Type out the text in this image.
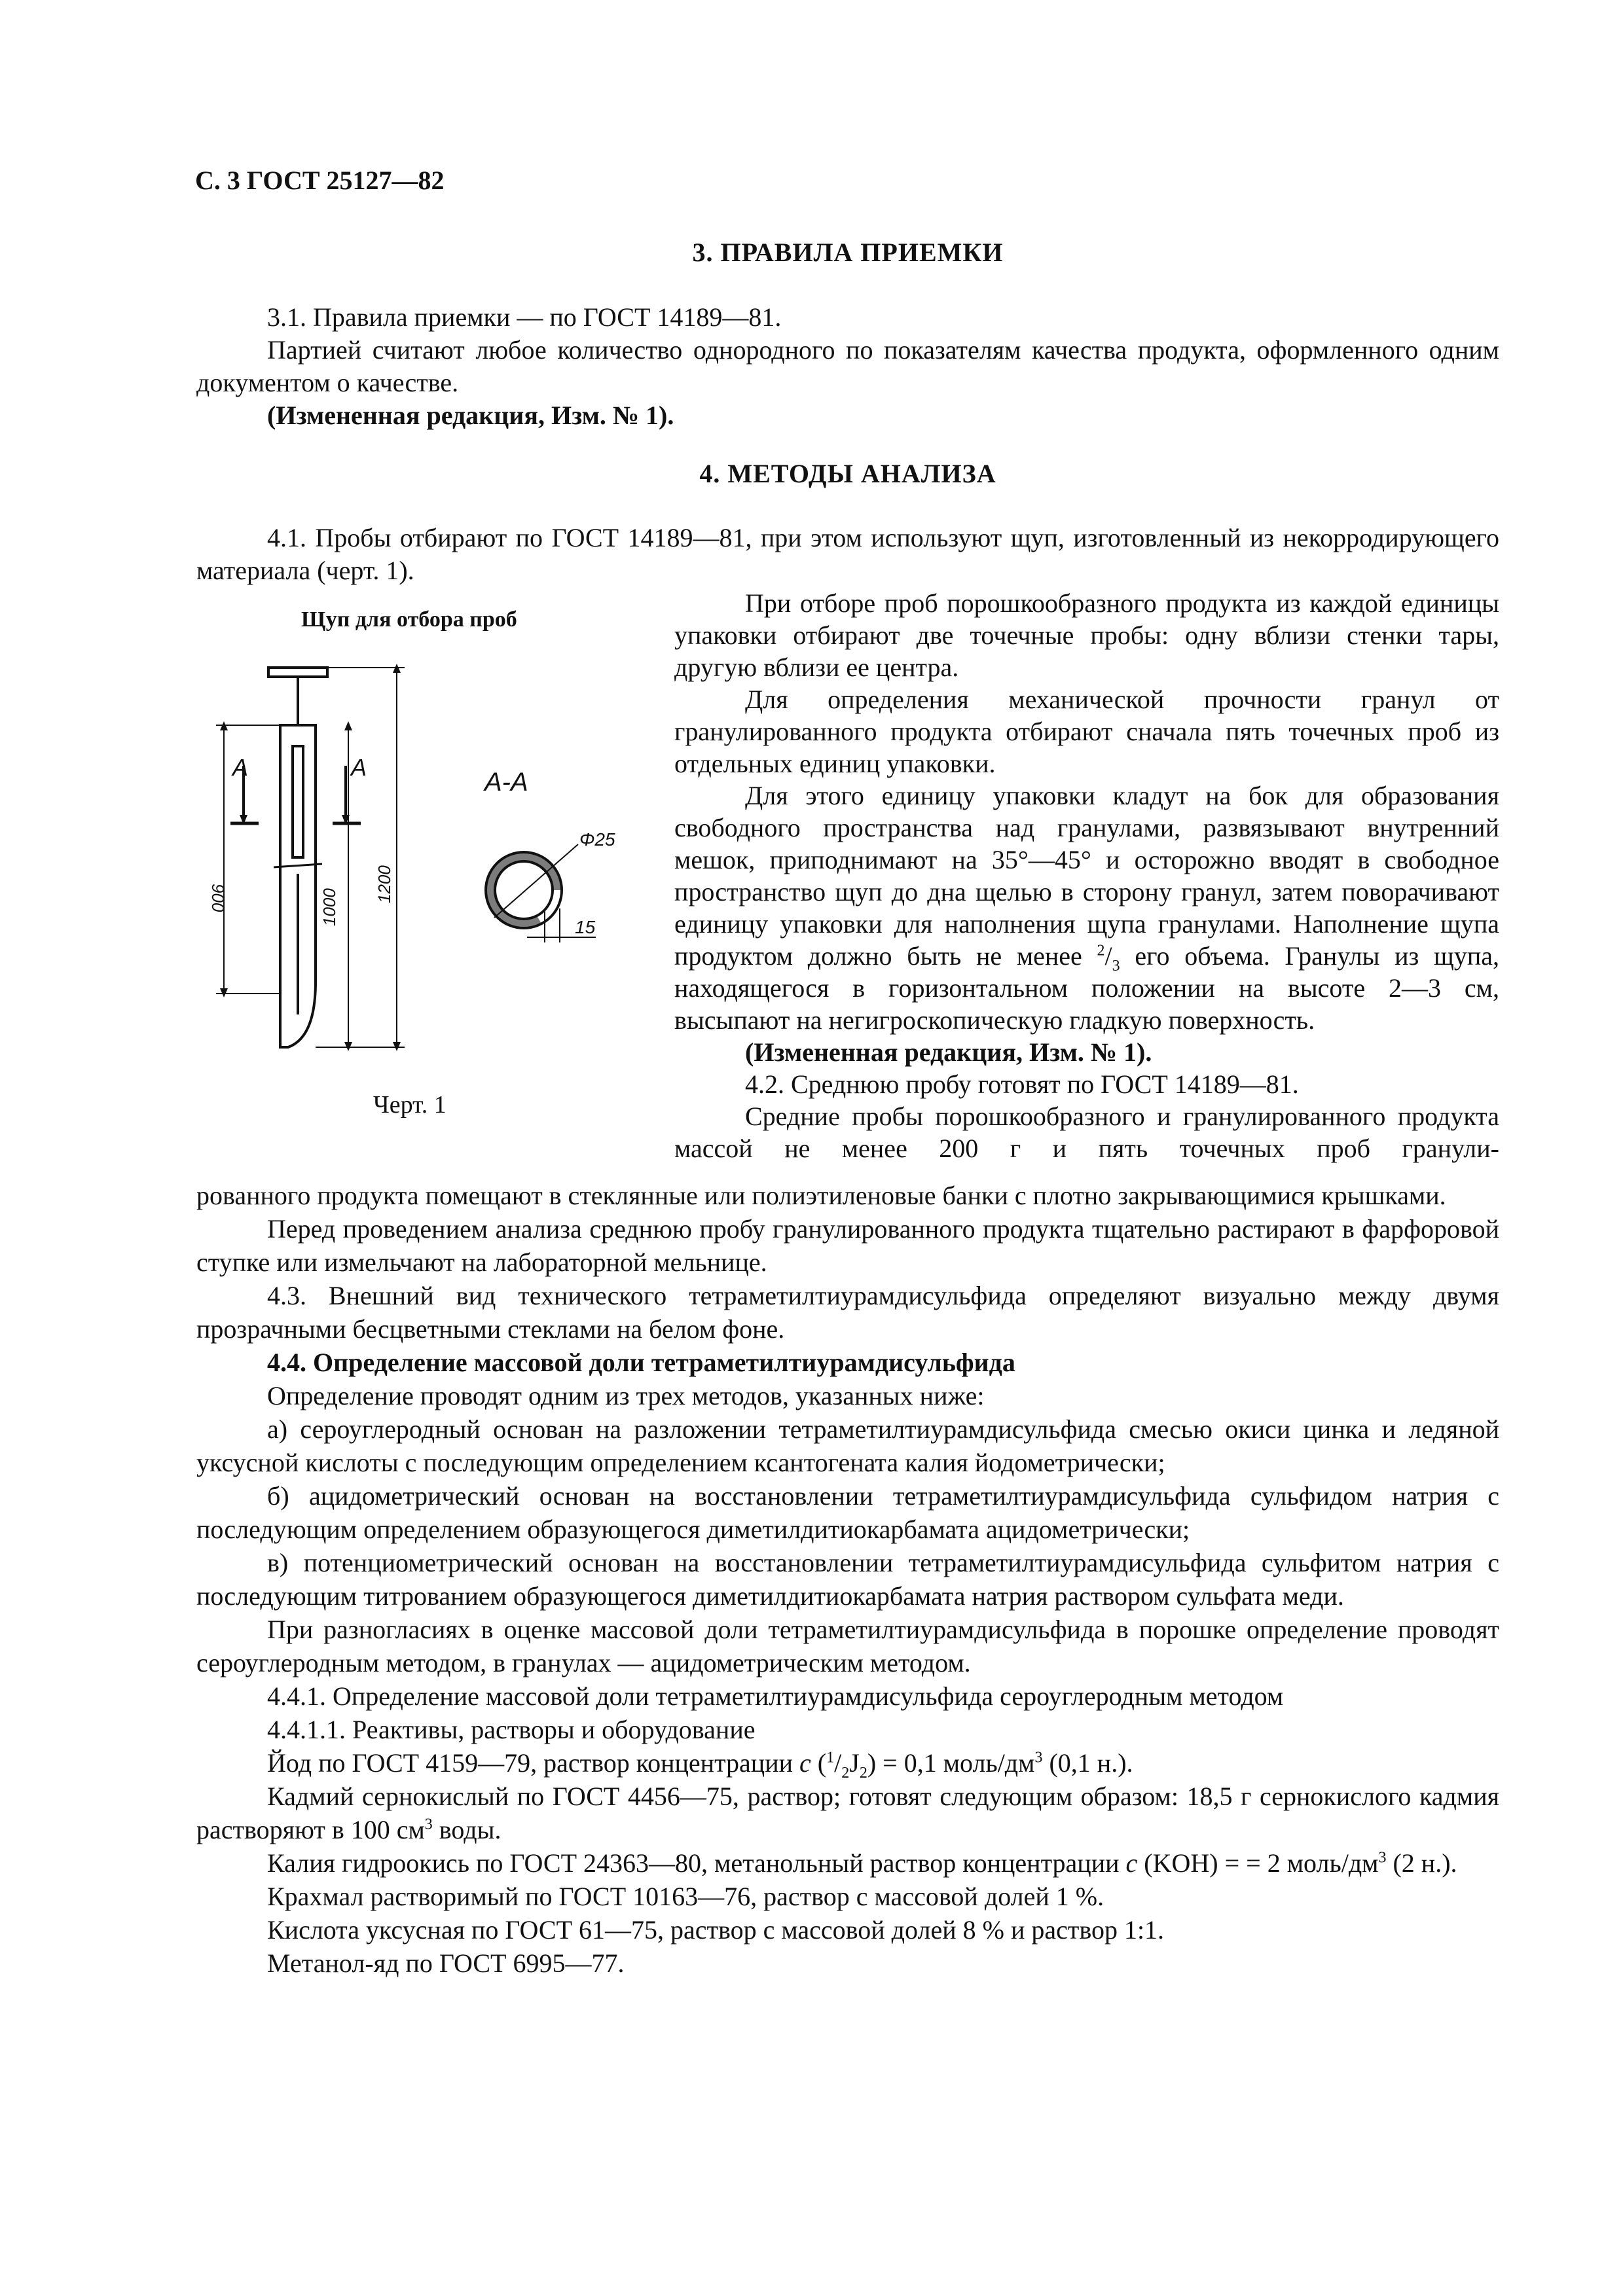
С. 3 ГОСТ 25127—82
3. ПРАВИЛА ПРИЕМКИ

3.1. Правила приемки — по ГОСТ 14189—81.

Партией считают любое количество однородного по показателям качества продукта, оформленного одним документом о качестве.

(Измененная редакция, Изм. № 1).

4. МЕТОДЫ АНАЛИЗА

4.1. Пробы отбирают по ГОСТ 14189—81, при этом используют щуп, изготовленный из некорродирующего материала (черт. 1).

Щуп для отбора проб
А	А
А-А
Φ25
15
900	1000
1200
Черт. 1

При отборе проб порошкообразного продукта из каждой единицы упаковки отбирают две точечные пробы: одну вблизи стенки тары, другую вблизи ее центра.

Для определения механической прочности гранул от гранулированного продукта отбирают сначала пять точечных проб из отдельных единиц упаковки.

Для этого единицу упаковки кладут на бок для образования свободного пространства над гранулами, развязывают внутренний мешок, приподнимают на 35°—45° и осторожно вводят в свободное пространство щуп до дна щелью в сторону гранул, затем поворачивают единицу упаковки для наполнения щупа гранулами. Наполнение щупа продуктом должно быть не менее $^2/_3$ его объема. Гранулы из щупа, находящегося в горизонтальном положении на высоте 2—3 см, высыпают на негигроскопическую гладкую поверхность.

(Измененная редакция, Изм. № 1).

4.2. Среднюю пробу готовят по ГОСТ 14189—81.

Средние пробы порошкообразного и гранулированного продукта массой не менее 200 г и пять точечных проб гранули-

рованного продукта помещают в стеклянные или полиэтиленовые банки с плотно закрывающимися крышками.

Перед проведением анализа среднюю пробу гранулированного продукта тщательно растирают в фарфоровой ступке или измельчают на лабораторной мельнице.

4.3. Внешний вид технического тетраметилтиурамдисульфида определяют визуально между двумя прозрачными бесцветными стеклами на белом фоне.

4.4. Определение массовой доли тетраметилтиурамдисульфида

Определение проводят одним из трех методов, указанных ниже:

а) сероуглеродный основан на разложении тетраметилтиурамдисульфида смесью окиси цинка и ледяной уксусной кислоты с последующим определением ксантогената калия йодометрически;

б) ацидометрический основан на восстановлении тетраметилтиурамдисульфида сульфидом натрия с последующим определением образующегося диметилдитиокарбамата ацидометрически;

в) потенциометрический основан на восстановлении тетраметилтиурамдисульфида сульфитом натрия с последующим титрованием образующегося диметилдитиокарбамата натрия раствором сульфата меди.

При разногласиях в оценке массовой доли тетраметилтиурамдисульфида в порошке определение проводят сероуглеродным методом, в гранулах — ацидометрическим методом.

4.4.1. Определение массовой доли тетраметилтиурамдисульфида сероуглеродным методом

4.4.1.1. Реактивы, растворы и оборудование

Йод по ГОСТ 4159—79, раствор концентрации c $(^1/_2J_2) = 0,1$ моль/$дм^3$ (0,1 н.).

Кадмий сернокислый по ГОСТ 4456—75, раствор; готовят следующим образом: 18,5 г сернокислого кадмия растворяют в 100 $см^3$ воды.

Калия гидроокись по ГОСТ 24363—80, метанольный раствор концентрации c (KOH) = = 2 моль/$дм^3$ (2 н.).

Крахмал растворимый по ГОСТ 10163—76, раствор с массовой долей 1 %.

Кислота уксусная по ГОСТ 61—75, раствор с массовой долей 8 % и раствор 1:1.

Метанол-яд по ГОСТ 6995—77.
